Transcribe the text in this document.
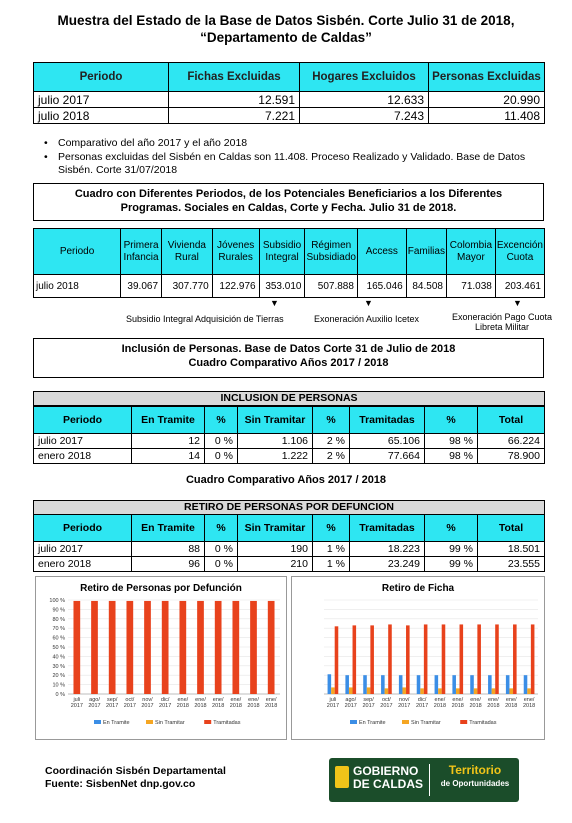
Muestra del Estado de la Base de Datos Sisbén. Corte Julio 31 de 2018,
“Departamento de Caldas”
Periodo	Fichas Excluidas	Hogares Excluidos	Personas Excluidas
julio 2017	12.591	12.633	20.990
julio 2018	7.221	7.243	11.408
• Comparativo del año 2017 y el año 2018
• Personas excluidas del Sisbén en Caldas son 11.408. Proceso Realizado y Validado. Base de Datos Sisbén. Corte 31/07/2018
Cuadro con Diferentes Periodos, de los Potenciales Beneficiarios a los Diferentes
Programas. Sociales en Caldas, Corte y Fecha. Julio 31 de 2018.
Periodo	Primera Infancia	Vivienda Rural	Jóvenes Rurales	Subsidio Integral	Régimen Subsidiado	Access	Familias	Colombia Mayor	Excención Cuota
julio 2018	39.067	307.770	122.976	353.010	507.888	165.046	84.508	71.038	203.461
▼	▼	▼
Subsidio Integral Adquisición de Tierras	Exoneración Auxilio Icetex	Exoneración Pago Cuota
Libreta Militar
Inclusión de Personas. Base de Datos Corte 31 de Julio de 2018
Cuadro Comparativo Años 2017 / 2018
INCLUSION DE PERSONAS
Periodo	En Tramite	%	Sin Tramitar	%	Tramitadas	%	Total
julio 2017	12	0 %	1.106	2 %	65.106	98 %	66.224
enero 2018	14	0 %	1.222	2 %	77.664	98 %	78.900
Cuadro Comparativo Años 2017 / 2018
RETIRO DE PERSONAS POR DEFUNCION
Periodo	En Tramite	%	Sin Tramitar	%	Tramitadas	%	Total
julio 2017	88	0 %	190	1 %	18.223	99 %	18.501
enero 2018	96	0 %	210	1 %	23.249	99 %	23.555
Retiro de Personas por Defunción
0 %
10 %
20 %
30 %
40 %
50 %
60 %
70 %
80 %
90 %
100 %
juli
2017
ago/
2017
sep/
2017
oct/
2017
nov/
2017
dic/
2017
ene/
2018
ene/
2018
ene/
2018
ene/
2018
ene/
2018
ene/
2018
En Tramite	Sin Tramitar	Tramitadas
Retiro de Ficha
juli
2017
ago/
2017
sep/
2017
oct/
2017
nov/
2017
dic/
2017
ene/
2018
ene/
2018
ene/
2018
ene/
2018
ene/
2018
ene/
2018
En Tramite	Sin Tramitar	Tramitadas
Coordinación Sisbén Departamental
Fuente: SisbenNet dnp.gov.co
GOBIERNO
DE CALDAS
Territorio
de Oportunidades
